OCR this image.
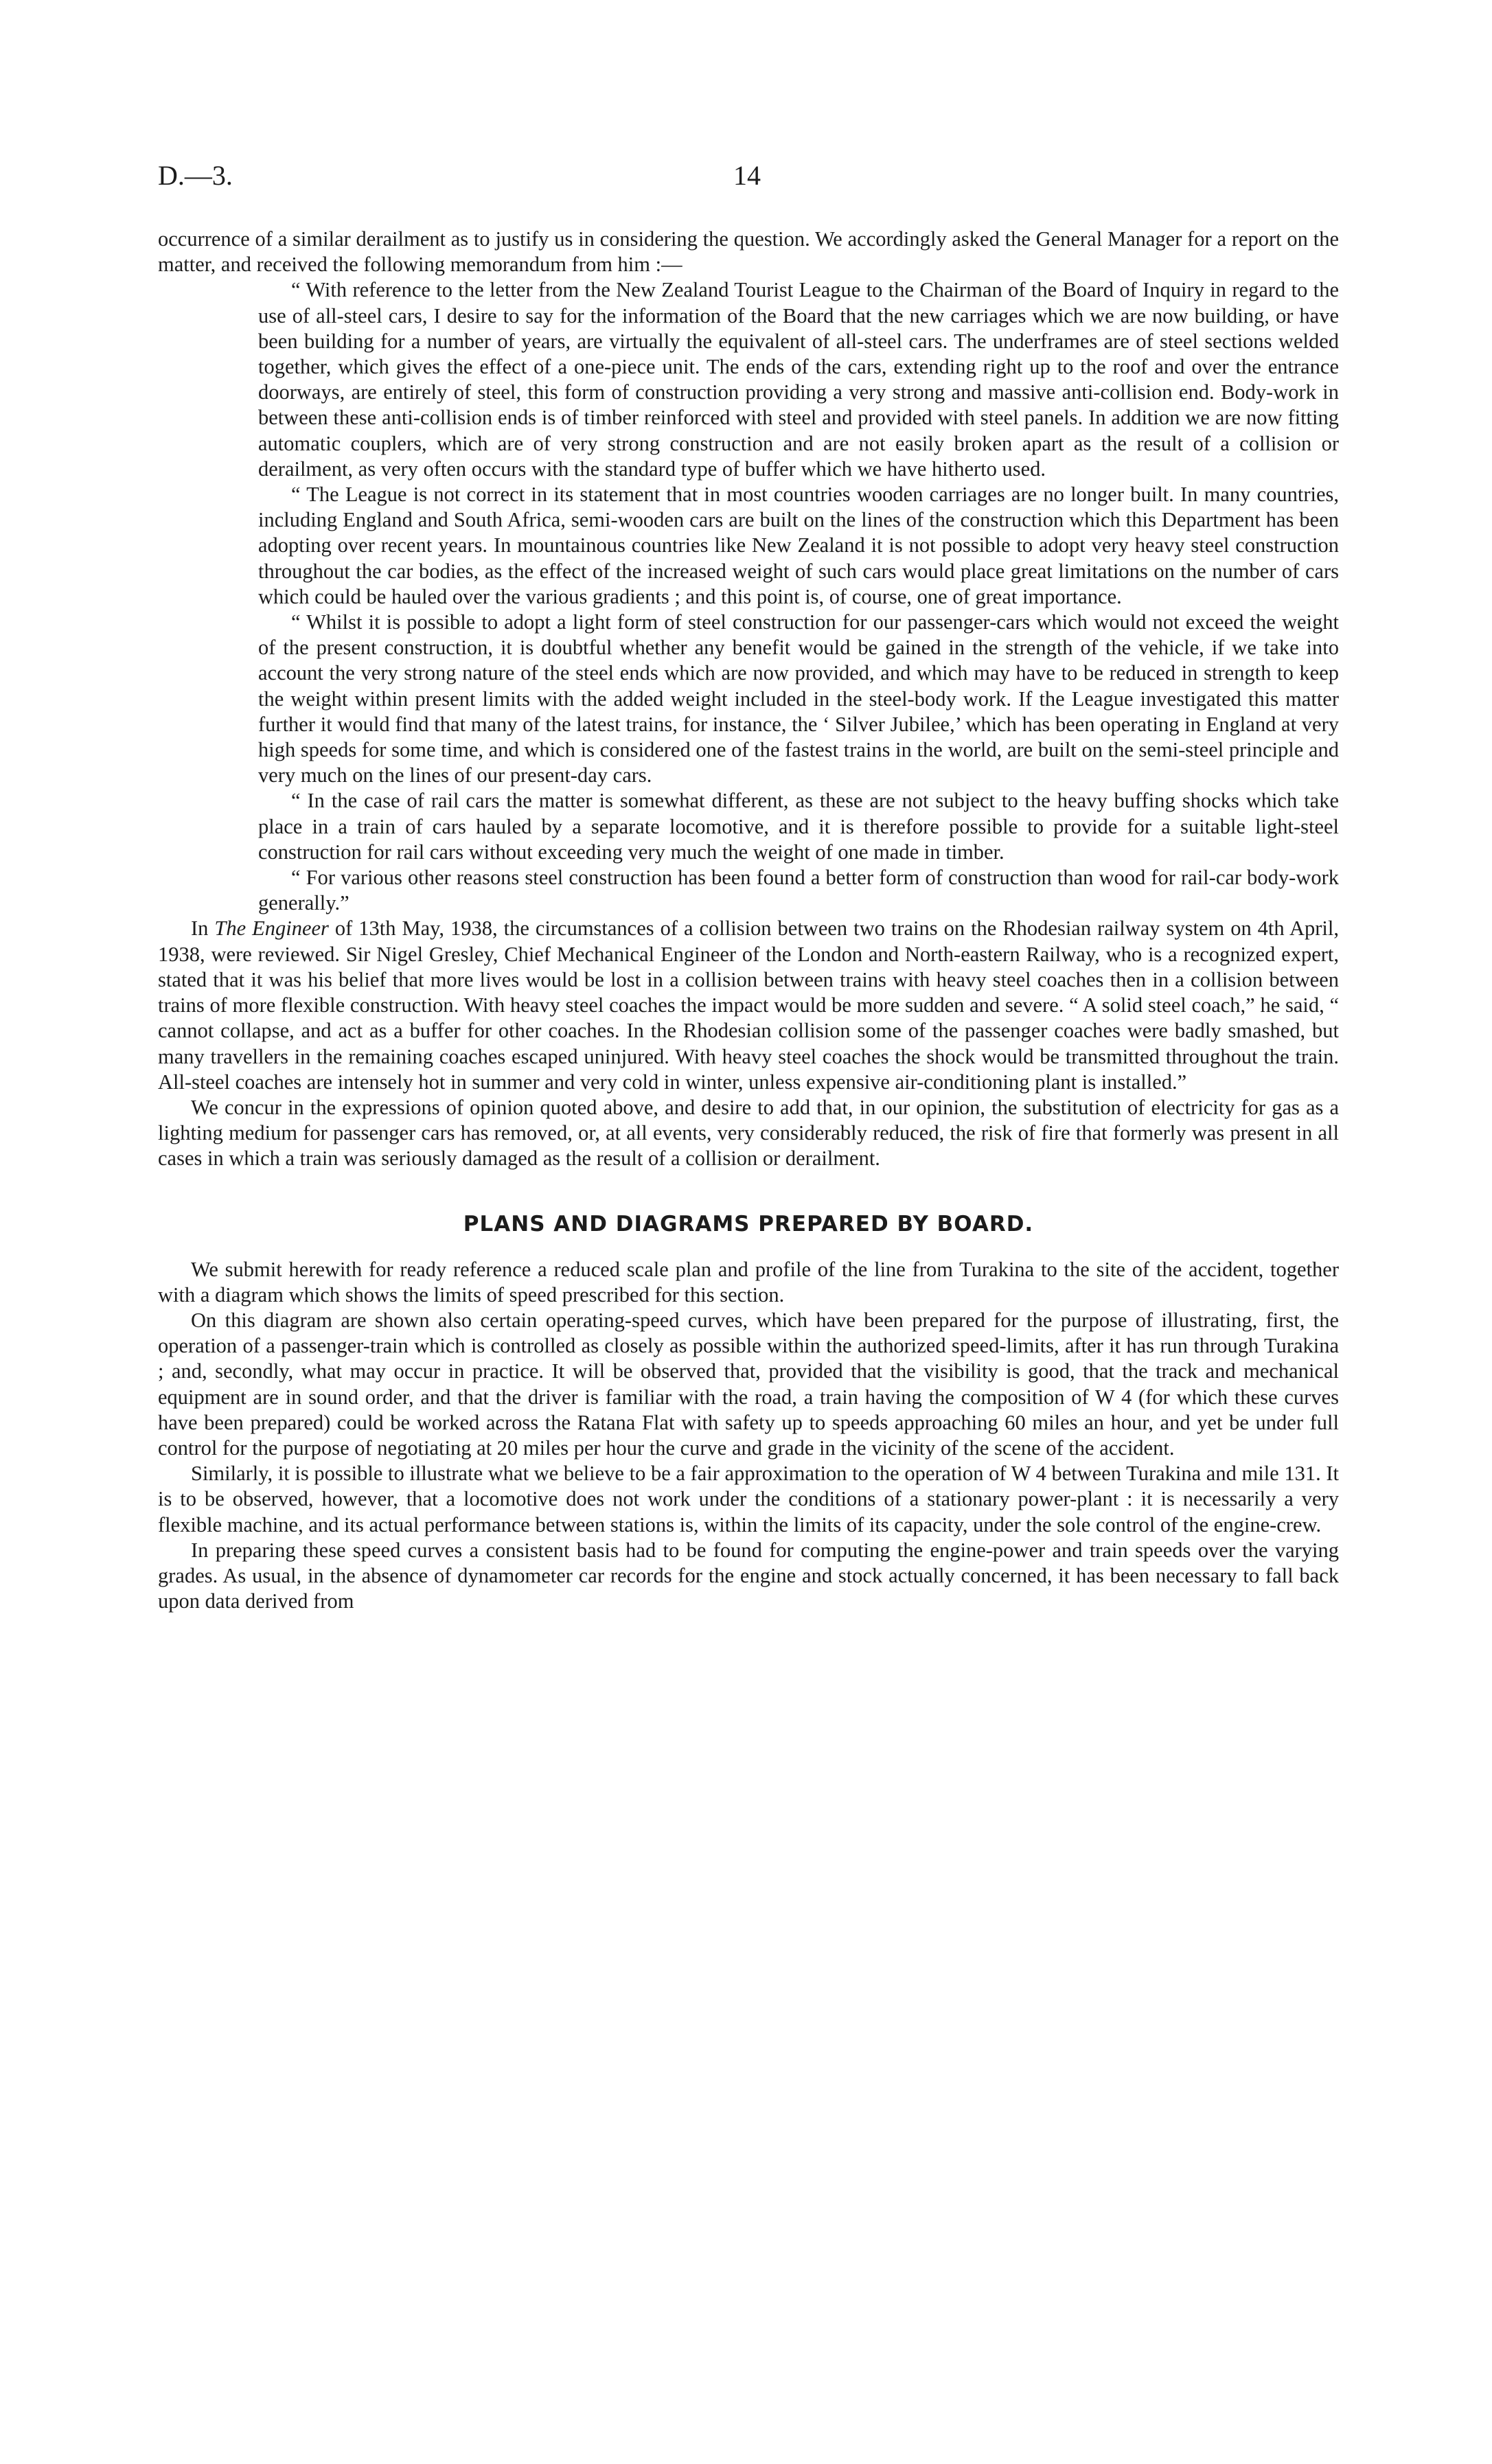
D.—3.	14

occurrence of a similar derailment as to justify us in considering the question. We accordingly asked the General Manager for a report on the matter, and received the following memorandum from him :—

“ With reference to the letter from the New Zealand Tourist League to the Chairman of the Board of Inquiry in regard to the use of all-steel cars, I desire to say for the information of the Board that the new carriages which we are now building, or have been building for a number of years, are virtually the equivalent of all-steel cars. The underframes are of steel sections welded together, which gives the effect of a one-piece unit. The ends of the cars, extending right up to the roof and over the entrance doorways, are entirely of steel, this form of construction providing a very strong and massive anti-collision end. Body-work in between these anti-collision ends is of timber reinforced with steel and provided with steel panels. In addition we are now fitting automatic couplers, which are of very strong construction and are not easily broken apart as the result of a collision or derailment, as very often occurs with the standard type of buffer which we have hitherto used.

“ The League is not correct in its statement that in most countries wooden carriages are no longer built. In many countries, including England and South Africa, semi-wooden cars are built on the lines of the construction which this Department has been adopting over recent years. In mountainous countries like New Zealand it is not possible to adopt very heavy steel construction throughout the car bodies, as the effect of the increased weight of such cars would place great limitations on the number of cars which could be hauled over the various gradients ; and this point is, of course, one of great importance.

“ Whilst it is possible to adopt a light form of steel construction for our passenger-cars which would not exceed the weight of the present construction, it is doubtful whether any benefit would be gained in the strength of the vehicle, if we take into account the very strong nature of the steel ends which are now provided, and which may have to be reduced in strength to keep the weight within present limits with the added weight included in the steel-body work. If the League investigated this matter further it would find that many of the latest trains, for instance, the ‘ Silver Jubilee,’ which has been operating in England at very high speeds for some time, and which is considered one of the fastest trains in the world, are built on the semi-steel principle and very much on the lines of our present-day cars.

“ In the case of rail cars the matter is somewhat different, as these are not subject to the heavy buffing shocks which take place in a train of cars hauled by a separate locomotive, and it is therefore possible to provide for a suitable light-steel construction for rail cars without exceeding very much the weight of one made in timber.

“ For various other reasons steel construction has been found a better form of construction than wood for rail-car body-work generally.”

In The Engineer of 13th May, 1938, the circumstances of a collision between two trains on the Rhodesian railway system on 4th April, 1938, were reviewed. Sir Nigel Gresley, Chief Mechanical Engineer of the London and North-eastern Railway, who is a recognized expert, stated that it was his belief that more lives would be lost in a collision between trains with heavy steel coaches then in a collision between trains of more flexible construction. With heavy steel coaches the impact would be more sudden and severe. “ A solid steel coach,” he said, “ cannot collapse, and act as a buffer for other coaches. In the Rhodesian collision some of the passenger coaches were badly smashed, but many travellers in the remaining coaches escaped uninjured. With heavy steel coaches the shock would be transmitted throughout the train. All-steel coaches are intensely hot in summer and very cold in winter, unless expensive air-conditioning plant is installed.”

We concur in the expressions of opinion quoted above, and desire to add that, in our opinion, the substitution of electricity for gas as a lighting medium for passenger cars has removed, or, at all events, very considerably reduced, the risk of fire that formerly was present in all cases in which a train was seriously damaged as the result of a collision or derailment.

PLANS AND DIAGRAMS PREPARED BY BOARD.

We submit herewith for ready reference a reduced scale plan and profile of the line from Turakina to the site of the accident, together with a diagram which shows the limits of speed prescribed for this section.

On this diagram are shown also certain operating-speed curves, which have been prepared for the purpose of illustrating, first, the operation of a passenger-train which is controlled as closely as possible within the authorized speed-limits, after it has run through Turakina ; and, secondly, what may occur in practice. It will be observed that, provided that the visibility is good, that the track and mechanical equipment are in sound order, and that the driver is familiar with the road, a train having the composition of W 4 (for which these curves have been prepared) could be worked across the Ratana Flat with safety up to speeds approaching 60 miles an hour, and yet be under full control for the purpose of negotiating at 20 miles per hour the curve and grade in the vicinity of the scene of the accident.

Similarly, it is possible to illustrate what we believe to be a fair approximation to the operation of W 4 between Turakina and mile 131. It is to be observed, however, that a locomotive does not work under the conditions of a stationary power-plant : it is necessarily a very flexible machine, and its actual performance between stations is, within the limits of its capacity, under the sole control of the engine-crew.

In preparing these speed curves a consistent basis had to be found for computing the engine-power and train speeds over the varying grades. As usual, in the absence of dynamometer car records for the engine and stock actually concerned, it has been necessary to fall back upon data derived from
